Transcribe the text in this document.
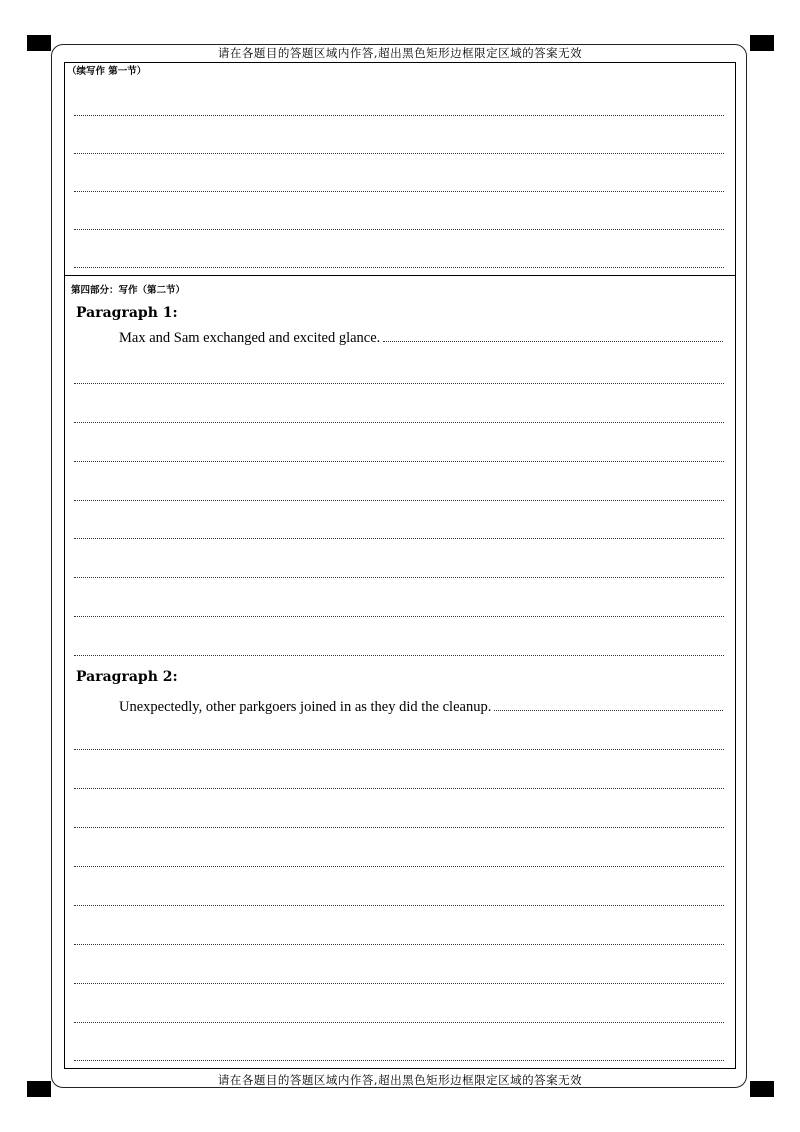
请在各题目的答题区域内作答,超出黑色矩形边框限定区域的答案无效
（续写作 第一节）
第四部分：写作（第二节）
Paragraph 1:
Max and Sam exchanged and excited glance.
Paragraph 2:
Unexpectedly, other parkgoers joined in as they did the cleanup.
请在各题目的答题区域内作答,超出黑色矩形边框限定区域的答案无效
